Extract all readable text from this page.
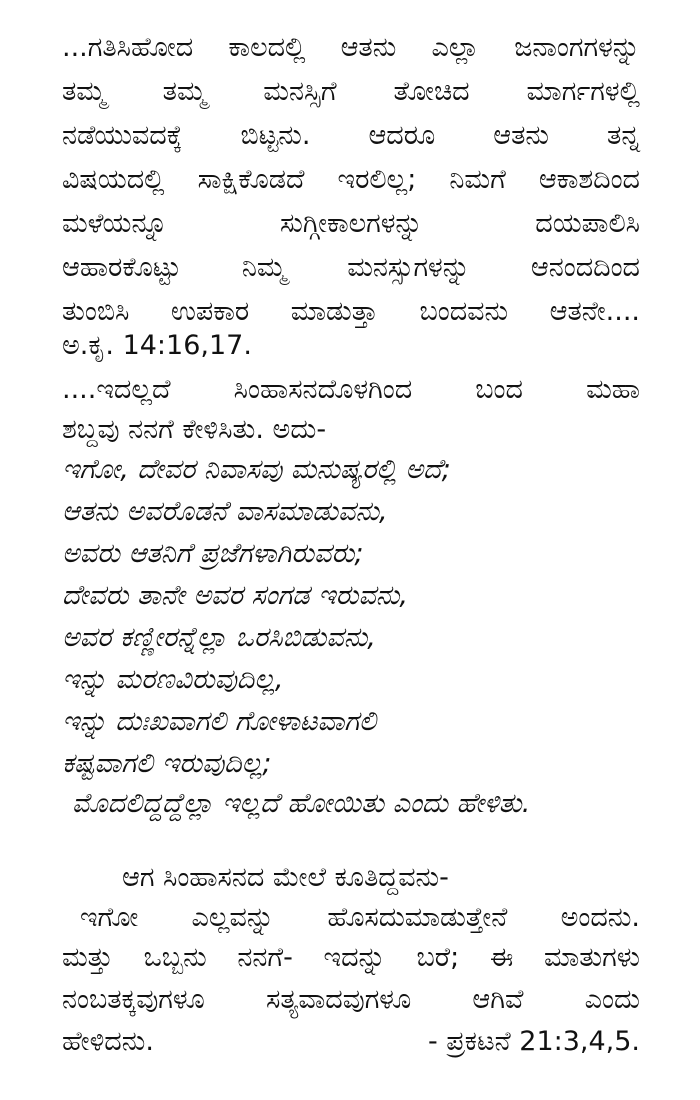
...ಗತಿಸಿಹೋದ ಕಾಲದಲ್ಲಿ ಆತನು ಎಲ್ಲಾ ಜನಾಂಗಗಳನ್ನು
ತಮ್ಮ ತಮ್ಮ ಮನಸ್ಸಿಗೆ ತೋಚಿದ ಮಾರ್ಗಗಳಲ್ಲಿ
ನಡೆಯುವದಕ್ಕೆ ಬಿಟ್ಟನು. ಆದರೂ ಆತನು ತನ್ನ
ವಿಷಯದಲ್ಲಿ ಸಾಕ್ಷಿಕೊಡದೆ ಇರಲಿಲ್ಲ; ನಿಮಗೆ ಆಕಾಶದಿಂದ
ಮಳೆಯನ್ನೂ ಸುಗ್ಗೀಕಾಲಗಳನ್ನು ದಯಪಾಲಿಸಿ
ಆಹಾರಕೊಟ್ಟು ನಿಮ್ಮ ಮನಸ್ಸುಗಳನ್ನು ಆನಂದದಿಂದ
ತುಂಬಿಸಿ ಉಪಕಾರ ಮಾಡುತ್ತಾ ಬಂದವನು ಆತನೇ....
ಅ.ಕೃ. 14:16,17.
....ಇದಲ್ಲದೆ ಸಿಂಹಾಸನದೊಳಗಿಂದ ಬಂದ ಮಹಾ
ಶಬ್ದವು ನನಗೆ ಕೇಳಿಸಿತು. ಅದು-
ಇಗೋ, ದೇವರ ನಿವಾಸವು ಮನುಷ್ಯರಲ್ಲಿ ಅದೆ;
ಆತನು ಅವರೊಡನೆ ವಾಸಮಾಡುವನು,
ಅವರು ಆತನಿಗೆ ಪ್ರಜೆಗಳಾಗಿರುವರು;
ದೇವರು ತಾನೇ ಅವರ ಸಂಗಡ ಇರುವನು,
ಅವರ ಕಣ್ಣೀರನ್ನೆಲ್ಲಾ ಒರಸಿಬಿಡುವನು,
ಇನ್ನು ಮರಣವಿರುವುದಿಲ್ಲ,
ಇನ್ನು ದುಃಖವಾಗಲಿ ಗೋಳಾಟವಾಗಲಿ
ಕಷ್ಟವಾಗಲಿ ಇರುವುದಿಲ್ಲ;
ಮೊದಲಿದ್ದದ್ದೆಲ್ಲಾ ಇಲ್ಲದೆ ಹೋಯಿತು ಎಂದು ಹೇಳಿತು.
ಆಗ ಸಿಂಹಾಸನದ ಮೇಲೆ ಕೂತಿದ್ದವನು-
ಇಗೋ ಎಲ್ಲವನ್ನು ಹೊಸದುಮಾಡುತ್ತೇನೆ ಅಂದನು.
ಮತ್ತು ಒಬ್ಬನು ನನಗೆ- ಇದನ್ನು ಬರೆ; ಈ ಮಾತುಗಳು
ನಂಬತಕ್ಕವುಗಳೂ ಸತ್ಯವಾದವುಗಳೂ ಆಗಿವೆ ಎಂದು
ಹೇಳಿದನು.	- ಪ್ರಕಟನೆ 21:3,4,5.
